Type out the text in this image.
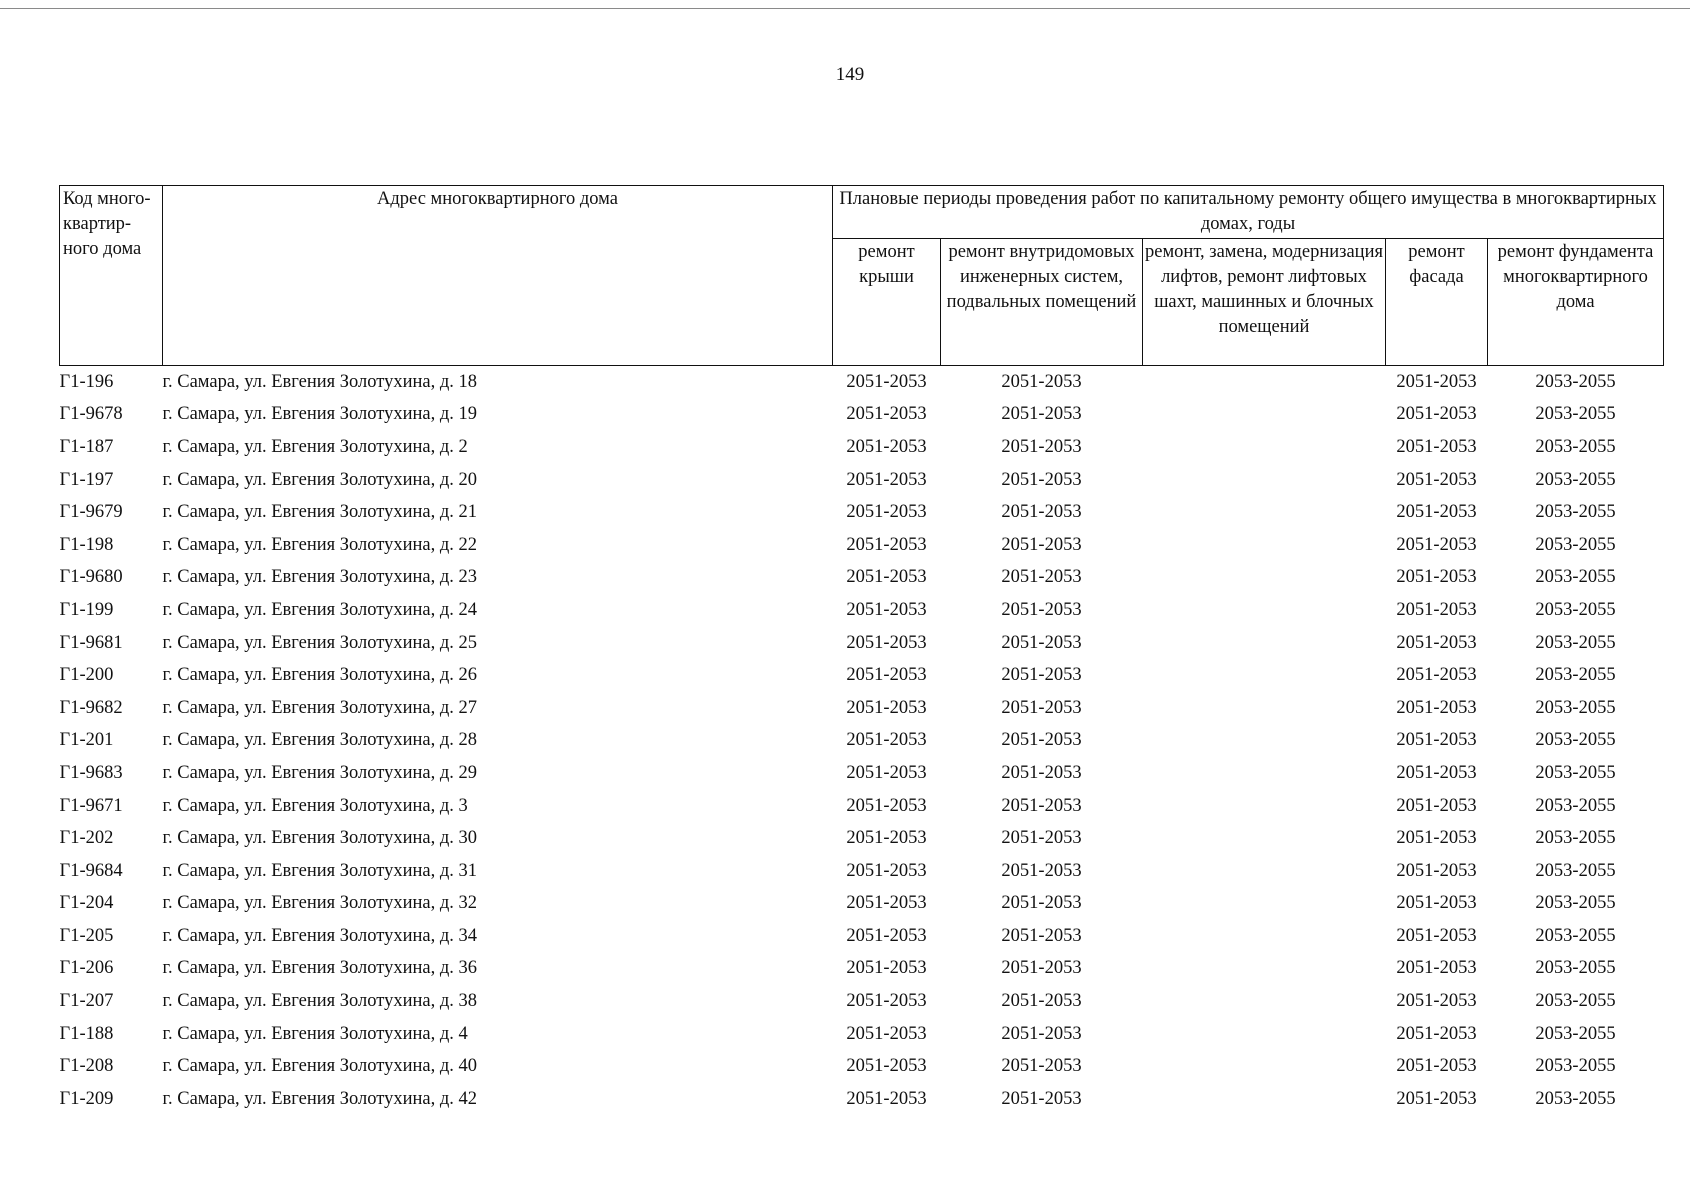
149
Код много-квартир-ного дома	Адрес многоквартирного дома	Плановые периоды проведения работ по капитальному ремонту общего имущества в многоквартирных домах, годы				
		ремонт крыши	ремонт внутридомовых инженерных систем, подвальных помещений	ремонт, замена, модернизация лифтов, ремонт лифтовых шахт, машинных и блочных помещений	ремонт фасада	ремонт фундамента многоквартирного дома
Г1-196	г. Самара, ул. Евгения Золотухина, д. 18	2051-2053	2051-2053		2051-2053	2053-2055
Г1-9678	г. Самара, ул. Евгения Золотухина, д. 19	2051-2053	2051-2053		2051-2053	2053-2055
Г1-187	г. Самара, ул. Евгения Золотухина, д. 2	2051-2053	2051-2053		2051-2053	2053-2055
Г1-197	г. Самара, ул. Евгения Золотухина, д. 20	2051-2053	2051-2053		2051-2053	2053-2055
Г1-9679	г. Самара, ул. Евгения Золотухина, д. 21	2051-2053	2051-2053		2051-2053	2053-2055
Г1-198	г. Самара, ул. Евгения Золотухина, д. 22	2051-2053	2051-2053		2051-2053	2053-2055
Г1-9680	г. Самара, ул. Евгения Золотухина, д. 23	2051-2053	2051-2053		2051-2053	2053-2055
Г1-199	г. Самара, ул. Евгения Золотухина, д. 24	2051-2053	2051-2053		2051-2053	2053-2055
Г1-9681	г. Самара, ул. Евгения Золотухина, д. 25	2051-2053	2051-2053		2051-2053	2053-2055
Г1-200	г. Самара, ул. Евгения Золотухина, д. 26	2051-2053	2051-2053		2051-2053	2053-2055
Г1-9682	г. Самара, ул. Евгения Золотухина, д. 27	2051-2053	2051-2053		2051-2053	2053-2055
Г1-201	г. Самара, ул. Евгения Золотухина, д. 28	2051-2053	2051-2053		2051-2053	2053-2055
Г1-9683	г. Самара, ул. Евгения Золотухина, д. 29	2051-2053	2051-2053		2051-2053	2053-2055
Г1-9671	г. Самара, ул. Евгения Золотухина, д. 3	2051-2053	2051-2053		2051-2053	2053-2055
Г1-202	г. Самара, ул. Евгения Золотухина, д. 30	2051-2053	2051-2053		2051-2053	2053-2055
Г1-9684	г. Самара, ул. Евгения Золотухина, д. 31	2051-2053	2051-2053		2051-2053	2053-2055
Г1-204	г. Самара, ул. Евгения Золотухина, д. 32	2051-2053	2051-2053		2051-2053	2053-2055
Г1-205	г. Самара, ул. Евгения Золотухина, д. 34	2051-2053	2051-2053		2051-2053	2053-2055
Г1-206	г. Самара, ул. Евгения Золотухина, д. 36	2051-2053	2051-2053		2051-2053	2053-2055
Г1-207	г. Самара, ул. Евгения Золотухина, д. 38	2051-2053	2051-2053		2051-2053	2053-2055
Г1-188	г. Самара, ул. Евгения Золотухина, д. 4	2051-2053	2051-2053		2051-2053	2053-2055
Г1-208	г. Самара, ул. Евгения Золотухина, д. 40	2051-2053	2051-2053		2051-2053	2053-2055
Г1-209	г. Самара, ул. Евгения Золотухина, д. 42	2051-2053	2051-2053		2051-2053	2053-2055
